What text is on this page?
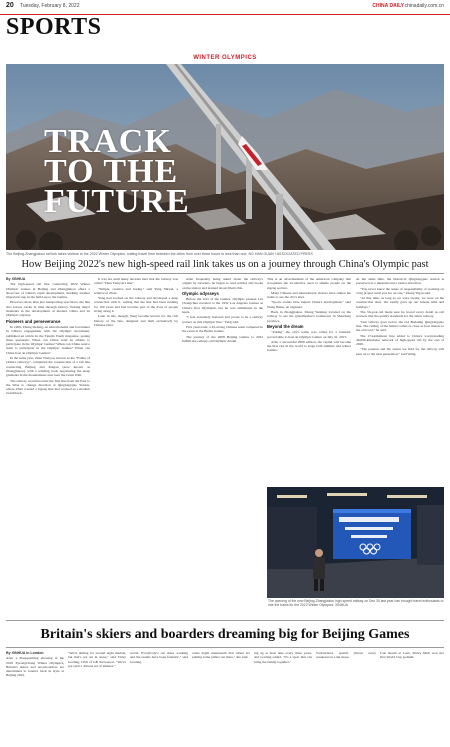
20 Tuesday, February 8, 2022	CHINA DAILY chinadaily.com.cn
SPORTS
WINTER OLYMPICS
TRACK
TO THE
FUTURE
The Beijing-Zhangjiakou rail link takes visitors to the 2022 Winter Olympics, cutting travel time between the cities from over three hours to less than one. NG HAN GUAN / ASSOCIATED PRESS
How Beijing 2022's new high-speed rail link takes us on a journey through China's Olympic past
By XINHUA

The high-speed rail line connecting 2022 Winter Olympic venues in Beijing and Zhangjiakou offers a showcase of China's rapid development, marking another important step in the build-up to the Games.

However, more than just transporting spectators, the line also leaves tracks in time through history, linking major moments in the development of modern China and its Olympic odyssey.

Pioneers and perseverance

In 1909, Zhang Defeng, an educationalist and forerunner in China's engagement with the Olympic movement, published an article in the Tianjin Youth magazine, posing three questions: When can China send an athlete to participate in the Olympic Games? When can China send a team to participate in the Olympic Games? When can China host an Olympic Games?

In the same year, Zhan Tianyou, known as the "Father of China's railways", completed the construction of a rail line connecting Beijing and Kalgan (now known as Zhangjiakou), with a winding track negotiating the steep gradients in the mountainous area near the Great Wall.

The railway would become the first line from the East to the West to change direction at Qinglongqiao Station, where Zhan created a zigzag line that worked as a modern switchback.

It was not until many decades later that the railway was called "Zhan Tianyou's line".

"Simple, creative and boring," said Yang Shiwei, a relative of Zhan.

Yang had worked on the railway and developed a deep connection with it, writing that the line had been running for 100 years and had become part of the lives of people living along it.

Later in life, though, Yang became known for the rich history of the line, designed and built exclusively by Chinese labor.

After frequently being asked about the railway's origins by travelers, he began to read articles and books on the station and learned about Zhan's life.

Olympic odysseys

Before the start of the Games, Olympic pioneer Liu Changchun traveled to the 1932 Los Angeles Games as China's first Olympian, but he was eliminated in the heats.

"I feel extremely honored and proud to be a railway worker on this Olympic line," Yang said.

Five years later, a 45-strong Chinese team competed in the event at the Berlin Games.

The journey of the 2008 Beijing Games to 2022 fulfills the century-old Olympic dream.

This is an advertisement of the American company that recognizes the locomotive used to shuttle people on the zigzag section.

Many Chinese and international visitors have ridden the trains to see the city's sites.

"Sports events have helped China's development," said Wang Haisu, an engineer.

Back in Zhangjiakou, Zhang Weiping traveled on the railway to see his grandmother's hometown in Shandong province.

Beyond the dream

"Taking" the city's name was called for a fantastic second time to host an Olympic Games on July 31, 2015.

After a successful 2008 edition, the capital will become the first city in the world to stage both summer and winter Games.

At the same time, the historical Qinglongqiao station is preserved as a museum and a tourist attraction.

"You never know the sense of responsibility of working on a big project until you are on one," Zhang Yigan said.

"At that time, as long as we were awake, we were on the construction sites. We totally gave up our leisure time and holidays."

The 56-year-old made sure he traced every detail as rail workers met the quality standards for the smart railway.

"Our railway goes below the old Badaling Qinglongqiao line. The ceiling of the tunnel comes as close as four meters to the old road," he said.

The 174-kilometer line added to China's world-leading 40,000-kilometer network of high-speed rail by the end of 2020.

"The passion and the vision we hold for the railway will pass on to the next generation," said Wang.

The opening of the new Beijing-Zhangjiakou high-speed railway on Dec 30 last year has brought travel enthusiasts to ride the trains for the 2022 Winter Olympics. XINHUA
Britain's skiers and boarders dreaming big for Beijing Games
By XINHUA in London

After a disappointing showing at the 2018 PyeongChang Winter Olympics, Britain's skiers and snowboarders are determined to bounce back in style at Beijing 2022.

"We're aiming for around eight medals, but that's not set in stone," said Vicky Gosling, CEO of GB Snowsport. "We've got such a diverse set of athletes."

world. Everybody's out there working and the results have been fantastic," said Gosling.

come depth underneath that where it's putting some pillars out there," she said.

ing up at least nine every three years, and Gosling added, "It's a sport that can bring the family together."

Switzerland, spends almost every weekend on a ski slope.

Last month at Laax, Kirsty Muir won her first World Cup podium.
